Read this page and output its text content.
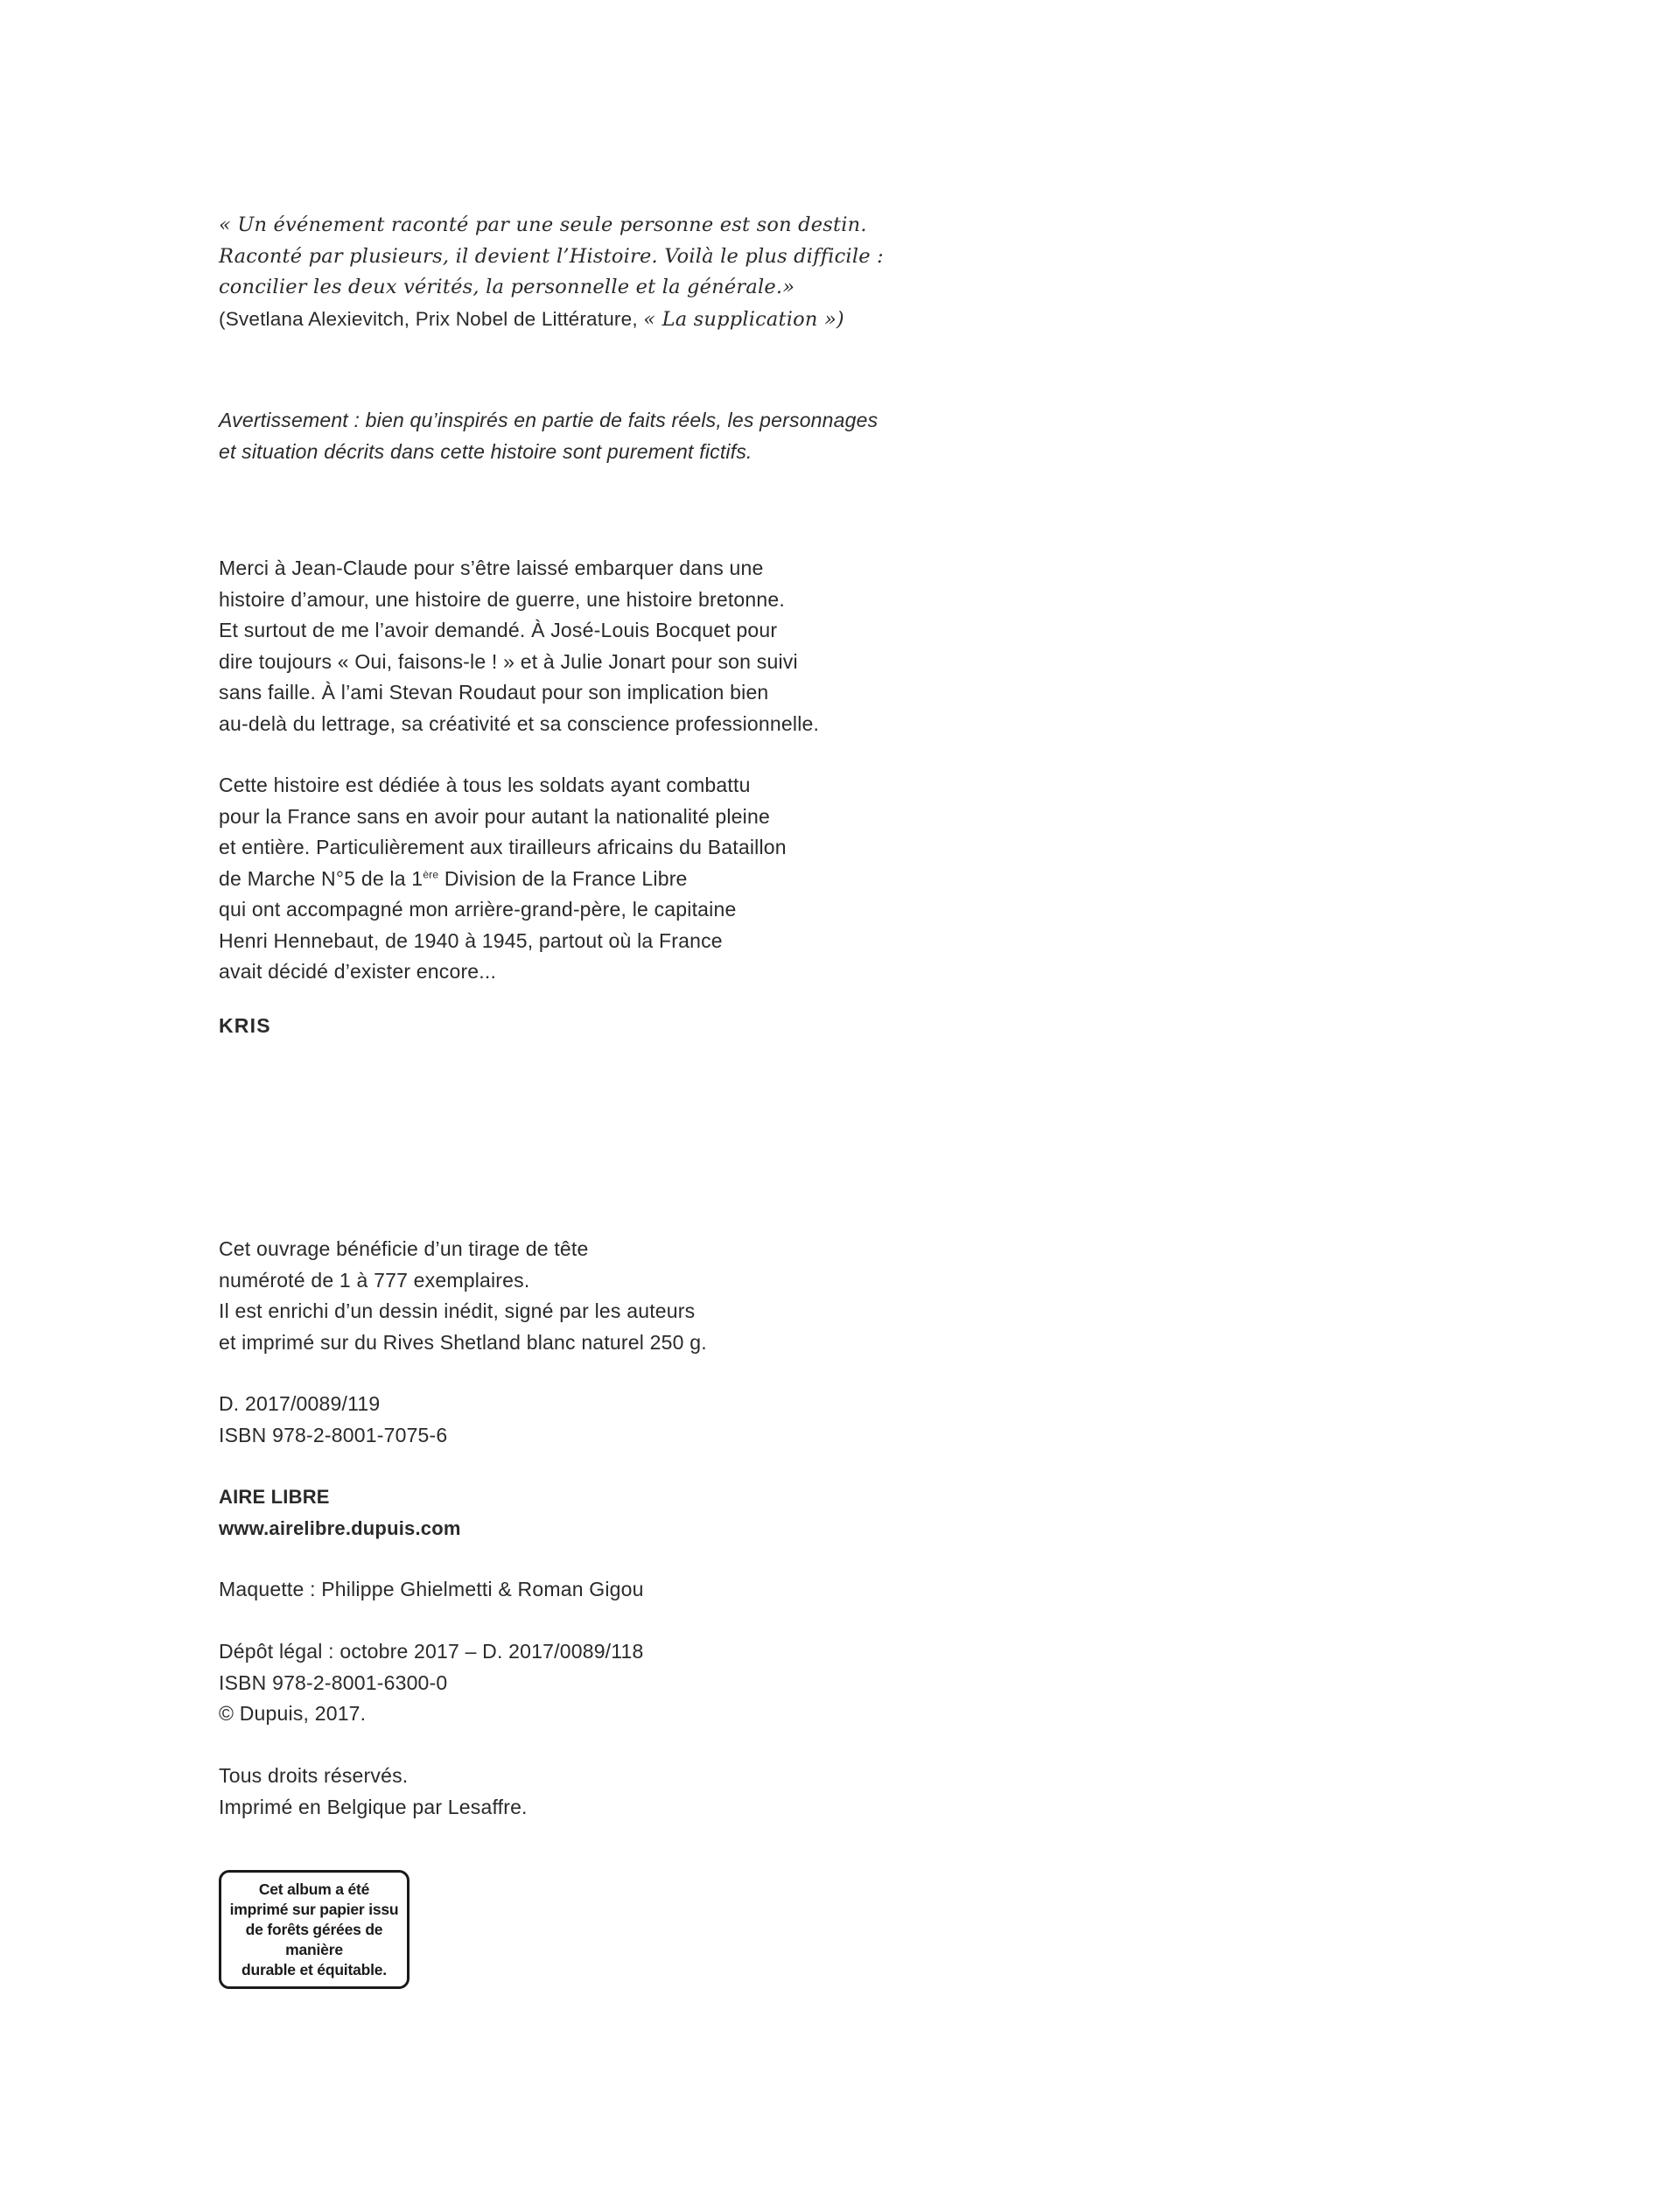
« Un événement raconté par une seule personne est son destin.
Raconté par plusieurs, il devient l’Histoire. Voilà le plus difficile :
concilier les deux vérités, la personnelle et la générale.»
(Svetlana Alexievitch, Prix Nobel de Littérature, « La supplication »)
Avertissement : bien qu’inspirés en partie de faits réels, les personnages
et situation décrits dans cette histoire sont purement fictifs.
Merci à Jean-Claude pour s’être laissé embarquer dans une
histoire d’amour, une histoire de guerre, une histoire bretonne.
Et surtout de me l’avoir demandé. À José-Louis Bocquet pour
dire toujours « Oui, faisons-le ! » et à Julie Jonart pour son suivi
sans faille. À l’ami Stevan Roudaut pour son implication bien
au-delà du lettrage, sa créativité et sa conscience professionnelle.
Cette histoire est dédiée à tous les soldats ayant combattu
pour la France sans en avoir pour autant la nationalité pleine
et entière. Particulièrement aux tirailleurs africains du Bataillon
de Marche N°5 de la 1ère Division de la France Libre
qui ont accompagné mon arrière-grand-père, le capitaine
Henri Hennebaut, de 1940 à 1945, partout où la France
avait décidé d’exister encore...
KRIS
Cet ouvrage bénéficie d’un tirage de tête
numéroté de 1 à 777 exemplaires.
Il est enrichi d’un dessin inédit, signé par les auteurs
et imprimé sur du Rives Shetland blanc naturel 250 g.
D. 2017/0089/119
ISBN 978-2-8001-7075-6
AIRE LIBRE
www.airelibre.dupuis.com
Maquette : Philippe Ghielmetti & Roman Gigou
Dépôt légal : octobre 2017 – D. 2017/0089/118
ISBN 978-2-8001-6300-0
© Dupuis, 2017.
Tous droits réservés.
Imprimé en Belgique par Lesaffre.
Cet album a été
imprimé sur papier issu
de forêts gérées de
manière
durable et équitable.
